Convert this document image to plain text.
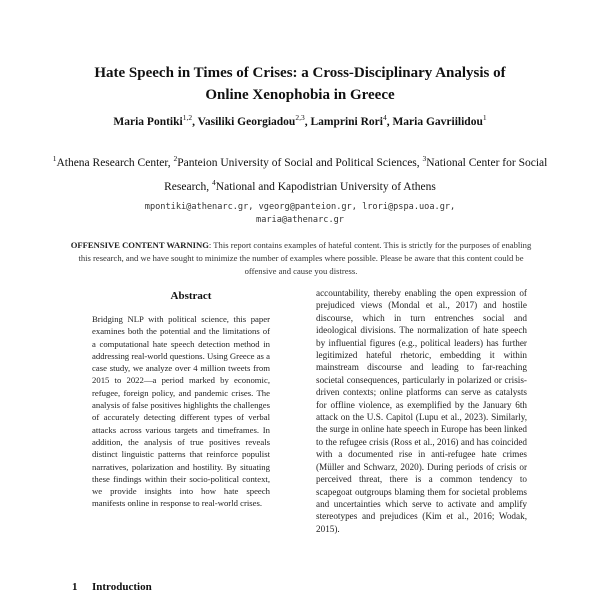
Hate Speech in Times of Crises: a Cross-Disciplinary Analysis of
Online Xenophobia in Greece
Maria Pontiki$^{1,2}$, Vasiliki Georgiadou$^{2,3}$, Lamprini Rori$^4$, Maria Gavriilidou$^1$
$^1$Athena Research Center, $^2$Panteion University of Social and Political Sciences, $^3$National Center for Social Research, $^4$National and Kapodistrian University of Athens
mpontiki@athenarc.gr, vgeorg@panteion.gr, lrori@pspa.uoa.gr,
maria@athenarc.gr
OFFENSIVE CONTENT WARNING: This report contains examples of hateful content. This is strictly for the purposes of enabling this research, and we have sought to minimize the number of examples where possible. Please be aware that this content could be offensive and cause you distress.
Abstract
Bridging NLP with political science, this paper examines both the potential and the limitations of a computational hate speech detection method in addressing real-world questions. Using Greece as a case study, we analyze over 4 million tweets from 2015 to 2022—a period marked by economic, refugee, foreign policy, and pandemic crises. The analysis of false positives highlights the challenges of accurately detecting different types of verbal attacks across various targets and timeframes. In addition, the analysis of true positives reveals distinct linguistic patterns that reinforce populist narratives, polarization and hostility. By situating these findings within their socio-political context, we provide insights into how hate speech manifests online in response to real-world crises.
1 Introduction

accountability, thereby enabling the open expression of prejudiced views (Mondal et al., 2017) and hostile discourse, which in turn entrenches social and ideological divisions. The normalization of hate speech by influential figures (e.g., political leaders) has further legitimized hateful rhetoric, embedding it within mainstream discourse and leading to far-reaching societal consequences, particularly in polarized or crisis-driven contexts; online platforms can serve as catalysts for offline violence, as exemplified by the January 6th attack on the U.S. Capitol (Lupu et al., 2023). Similarly, the surge in online hate speech in Europe has been linked to the refugee crisis (Ross et al., 2016) and has coincided with a documented rise in anti-refugee hate crimes (Müller and Schwarz, 2020). During periods of crisis or perceived threat, there is a common tendency to scapegoat outgroups blaming them for societal problems and uncertainties which serve to activate and amplify stereotypes and prejudices (Kim et al., 2016; Wodak, 2015).
